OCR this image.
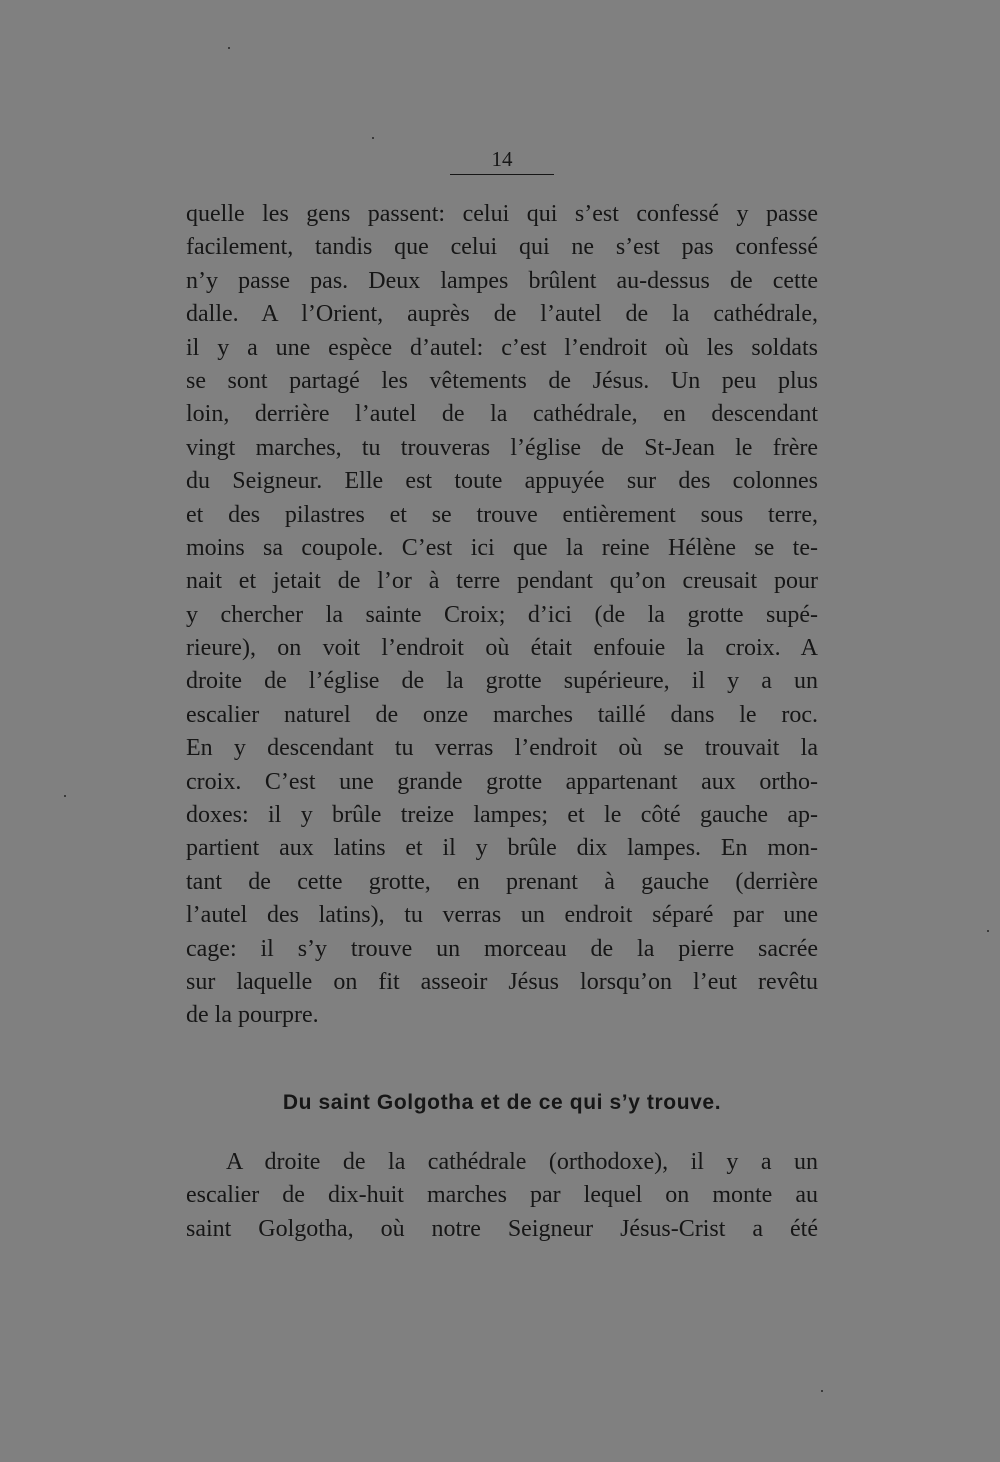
14
quelle les gens passent: celui qui s’est confessé y passe
facilement, tandis que celui qui ne s’est pas confessé
n’y passe pas. Deux lampes brûlent au-dessus de cette
dalle. A l’Orient, auprès de l’autel de la cathédrale,
il y a une espèce d’autel: c’est l’endroit où les soldats
se sont partagé les vêtements de Jésus. Un peu plus
loin, derrière l’autel de la cathédrale, en descendant
vingt marches, tu trouveras l’église de St-Jean le frère
du Seigneur. Elle est toute appuyée sur des colonnes
et des pilastres et se trouve entièrement sous terre,
moins sa coupole. C’est ici que la reine Hélène se te-
nait et jetait de l’or à terre pendant qu’on creusait pour
y chercher la sainte Croix; d’ici (de la grotte supé-
rieure), on voit l’endroit où était enfouie la croix. A
droite de l’église de la grotte supérieure, il y a un
escalier naturel de onze marches taillé dans le roc.
En y descendant tu verras l’endroit où se trouvait la
croix. C’est une grande grotte appartenant aux ortho-
doxes: il y brûle treize lampes; et le côté gauche ap-
partient aux latins et il y brûle dix lampes. En mon-
tant de cette grotte, en prenant à gauche (derrière
l’autel des latins), tu verras un endroit séparé par une
cage: il s’y trouve un morceau de la pierre sacrée
sur laquelle on fit asseoir Jésus lorsqu’on l’eut revêtu
de la pourpre.
Du saint Golgotha et de ce qui s’y trouve.
A droite de la cathédrale (orthodoxe), il y a un
escalier de dix-huit marches par lequel on monte au
saint Golgotha, où notre Seigneur Jésus-Crist a été
